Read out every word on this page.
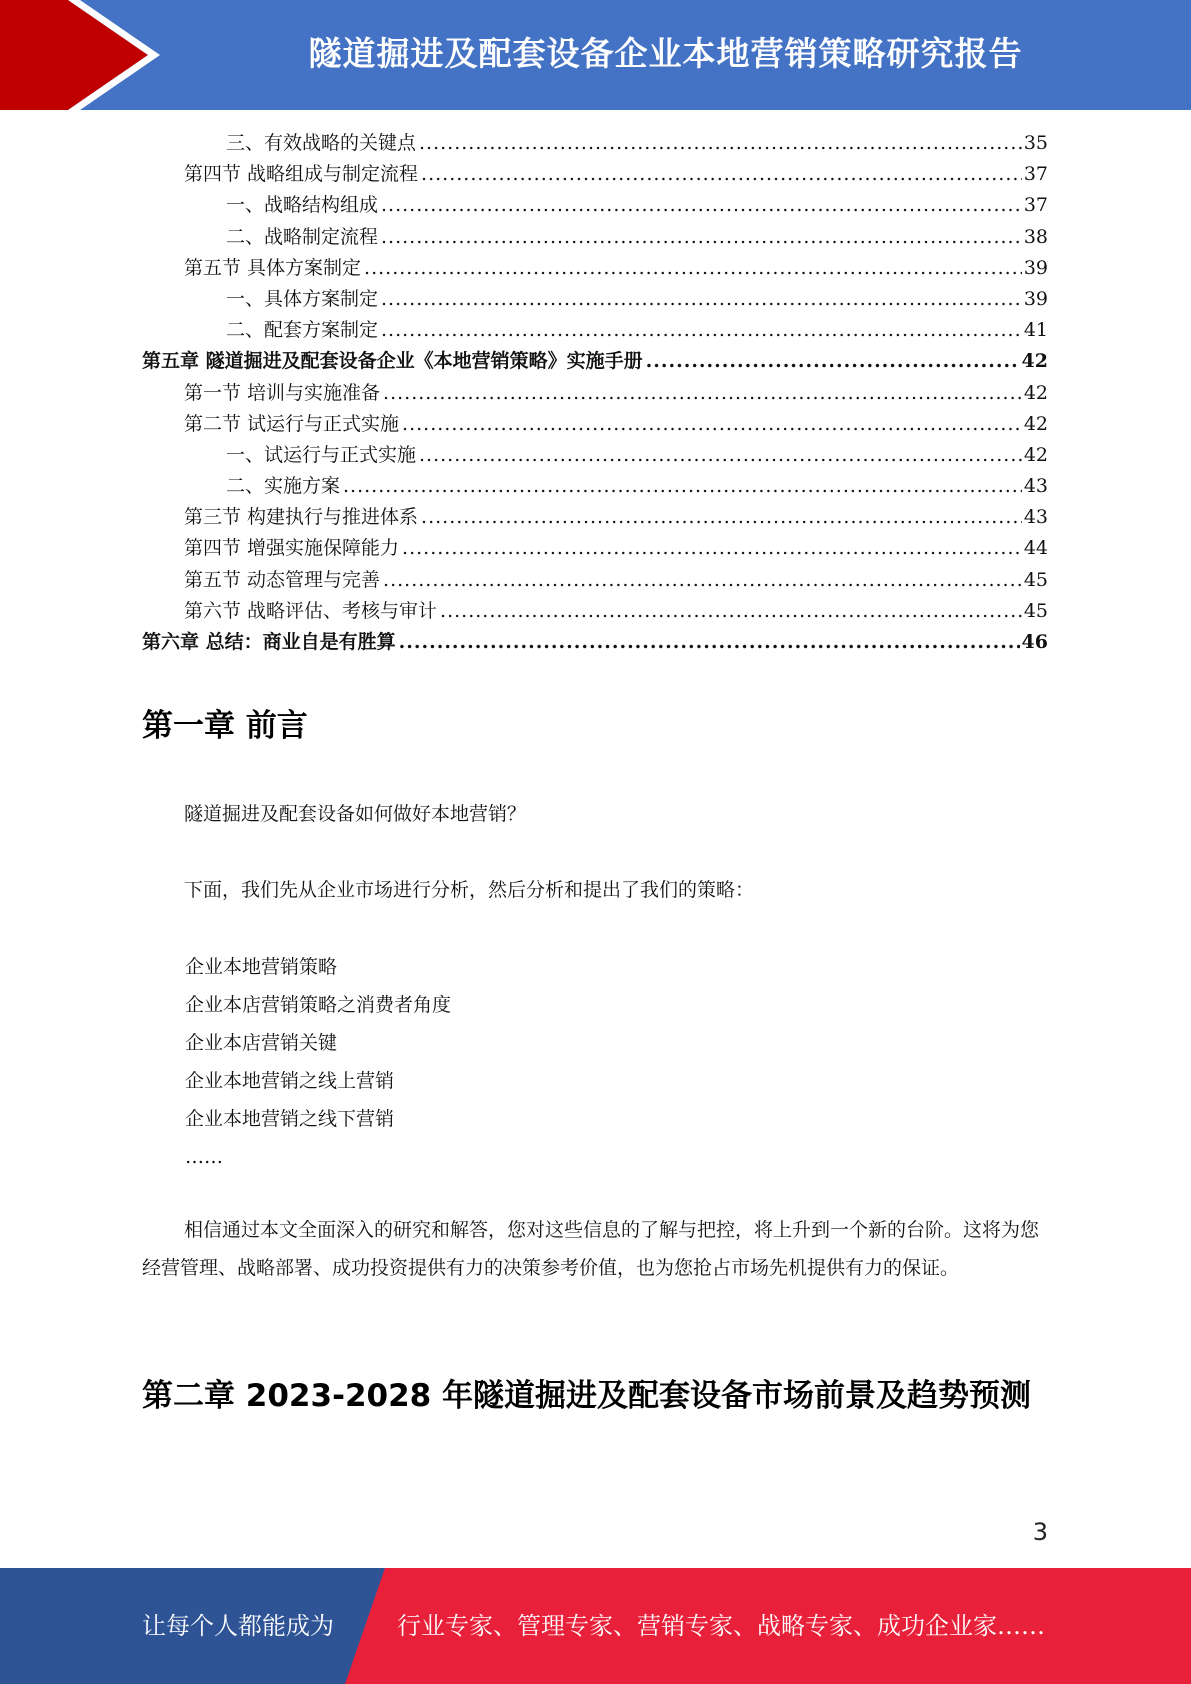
隧道掘进及配套设备企业本地营销策略研究报告
三、有效战略的关键点 .....	35
第四节 战略组成与制定流程 .....	37
一、战略结构组成 .....	37
二、战略制定流程 .....	38
第五节 具体方案制定 .....	39
一、具体方案制定 .....	39
二、配套方案制定 .....	41
第五章 隧道掘进及配套设备企业《本地营销策略》实施手册 .....	42
第一节 培训与实施准备 .....	42
第二节 试运行与正式实施 .....	42
一、试运行与正式实施 .....	42
二、实施方案 .....	43
第三节 构建执行与推进体系 .....	43
第四节 增强实施保障能力 .....	44
第五节 动态管理与完善 .....	45
第六节 战略评估、考核与审计 .....	45
第六章 总结：商业自是有胜算 .....	46
第一章 前言
隧道掘进及配套设备如何做好本地营销？
下面，我们先从企业市场进行分析，然后分析和提出了我们的策略：
企业本地营销策略
企业本店营销策略之消费者角度
企业本店营销关键
企业本地营销之线上营销
企业本地营销之线下营销
……
相信通过本文全面深入的研究和解答，您对这些信息的了解与把控，将上升到一个新的台阶。这将为您经营管理、战略部署、成功投资提供有力的决策参考价值，也为您抢占市场先机提供有力的保证。
第二章 2023-2028 年隧道掘进及配套设备市场前景及趋势预测
3
让每个人都能成为	行业专家、管理专家、营销专家、战略专家、成功企业家……
